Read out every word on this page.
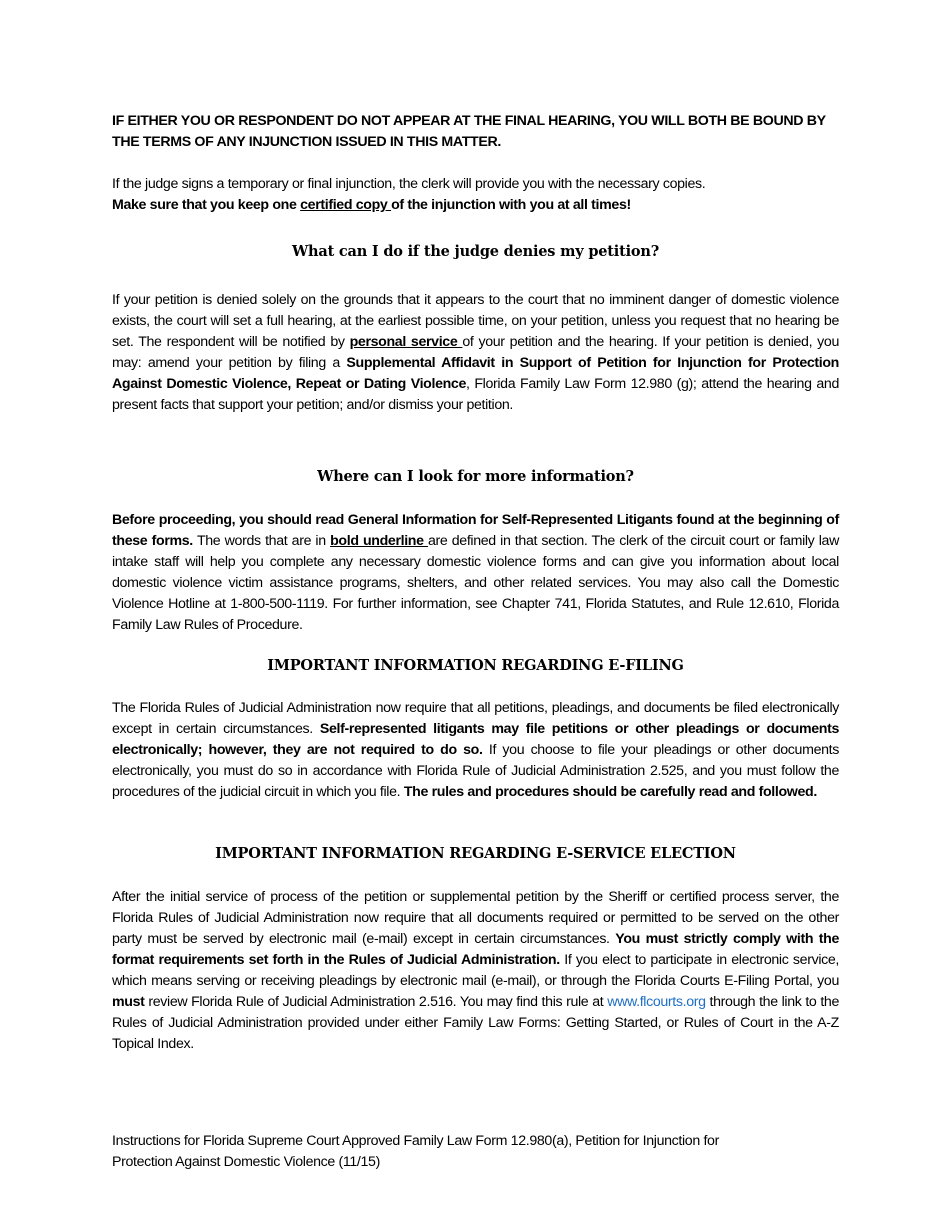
IF EITHER YOU OR RESPONDENT DO NOT APPEAR AT THE FINAL HEARING, YOU WILL BOTH BE BOUND BY THE TERMS OF ANY INJUNCTION ISSUED IN THIS MATTER.
If the judge signs a temporary or final injunction, the clerk will provide you with the necessary copies.
Make sure that you keep one certified copy of the injunction with you at all times!
What can I do if the judge denies my petition?
If your petition is denied solely on the grounds that it appears to the court that no imminent danger of domestic violence exists, the court will set a full hearing, at the earliest possible time, on your petition, unless you request that no hearing be set. The respondent will be notified by personal service of your petition and the hearing. If your petition is denied, you may: amend your petition by filing a Supplemental Affidavit in Support of Petition for Injunction for Protection Against Domestic Violence, Repeat or Dating Violence, Florida Family Law Form 12.980 (g); attend the hearing and present facts that support your petition; and/or dismiss your petition.
Where can I look for more information?
Before proceeding, you should read General Information for Self-Represented Litigants found at the beginning of these forms. The words that are in bold underline are defined in that section. The clerk of the circuit court or family law intake staff will help you complete any necessary domestic violence forms and can give you information about local domestic violence victim assistance programs, shelters, and other related services. You may also call the Domestic Violence Hotline at 1-800-500-1119. For further information, see Chapter 741, Florida Statutes, and Rule 12.610, Florida Family Law Rules of Procedure.
IMPORTANT INFORMATION REGARDING E-FILING
The Florida Rules of Judicial Administration now require that all petitions, pleadings, and documents be filed electronically except in certain circumstances. Self-represented litigants may file petitions or other pleadings or documents electronically; however, they are not required to do so. If you choose to file your pleadings or other documents electronically, you must do so in accordance with Florida Rule of Judicial Administration 2.525, and you must follow the procedures of the judicial circuit in which you file. The rules and procedures should be carefully read and followed.
IMPORTANT INFORMATION REGARDING E-SERVICE ELECTION
After the initial service of process of the petition or supplemental petition by the Sheriff or certified process server, the Florida Rules of Judicial Administration now require that all documents required or permitted to be served on the other party must be served by electronic mail (e-mail) except in certain circumstances. You must strictly comply with the format requirements set forth in the Rules of Judicial Administration. If you elect to participate in electronic service, which means serving or receiving pleadings by electronic mail (e-mail), or through the Florida Courts E-Filing Portal, you must review Florida Rule of Judicial Administration 2.516. You may find this rule at www.flcourts.org through the link to the Rules of Judicial Administration provided under either Family Law Forms: Getting Started, or Rules of Court in the A-Z Topical Index.
Instructions for Florida Supreme Court Approved Family Law Form 12.980(a), Petition for Injunction for
Protection Against Domestic Violence (11/15)
